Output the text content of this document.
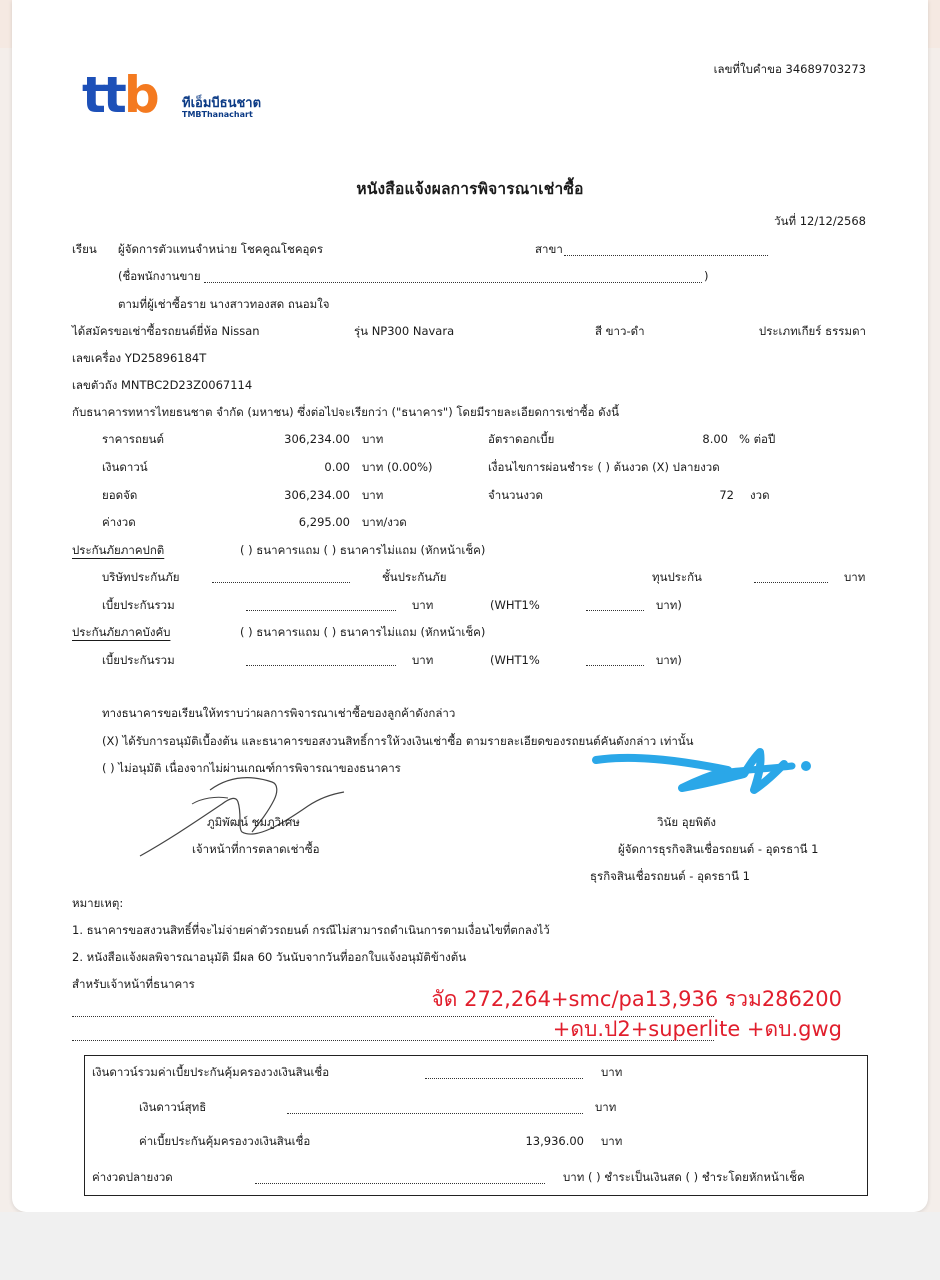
ttb ทีเอ็มบีธนชาต
TMBThanachart
เลขที่ใบคำขอ 34689703273
หนังสือแจ้งผลการพิจารณาเช่าซื้อ
วันที่ 12/12/2568
เรียน ผู้จัดการตัวแทนจำหน่าย โชคคูณโชคอุดร	สาขา
(ชื่อพนักงานขาย	)
ตามที่ผู้เช่าซื้อราย นางสาวทองสด ถนอมใจ
ได้สมัครขอเช่าซื้อรถยนต์ยี่ห้อ Nissan	รุ่น NP300 Navara	สี ขาว-ดำ	ประเภทเกียร์ ธรรมดา
เลขเครื่อง YD25896184T
เลขตัวถัง MNTBC2D23Z0067114
กับธนาคารทหารไทยธนชาต จำกัด (มหาชน) ซึ่งต่อไปจะเรียกว่า ("ธนาคาร") โดยมีรายละเอียดการเช่าซื้อ ดังนี้
ราคารถยนต์	306,234.00 บาท	อัตราดอกเบี้ย	8.00 % ต่อปี
เงินดาวน์	0.00 บาท (0.00%)	เงื่อนไขการผ่อนชำระ ( ) ต้นงวด (X) ปลายงวด
ยอดจัด	306,234.00 บาท	จำนวนงวด	72 งวด
ค่างวด	6,295.00 บาท/งวด
ประกันภัยภาคปกติ	( ) ธนาคารแถม ( ) ธนาคารไม่แถม (หักหน้าเช็ค)
บริษัทประกันภัย	ชั้นประกันภัย	ทุนประกัน	บาท
เบี้ยประกันรวม	บาท	(WHT1%	บาท)
ประกันภัยภาคบังคับ	( ) ธนาคารแถม ( ) ธนาคารไม่แถม (หักหน้าเช็ค)
เบี้ยประกันรวม	บาท	(WHT1%	บาท)
ทางธนาคารขอเรียนให้ทราบว่าผลการพิจารณาเช่าซื้อของลูกค้าดังกล่าว
(X) ได้รับการอนุมัติเบื้องต้น และธนาคารขอสงวนสิทธิ์การให้วงเงินเช่าซื้อ ตามรายละเอียดของรถยนต์คันดังกล่าว เท่านั้น
( ) ไม่อนุมัติ เนื่องจากไม่ผ่านเกณฑ์การพิจารณาของธนาคาร
ภูมิพัฒน์ ชมภูวิเศษ
เจ้าหน้าที่การตลาดเช่าซื้อ
วินัย อุยพิตัง
ผู้จัดการธุรกิจสินเชื่อรถยนต์ - อุดรธานี 1
ธุรกิจสินเชื่อรถยนต์ - อุดรธานี 1
หมายเหตุ:
1. ธนาคารขอสงวนสิทธิ์ที่จะไม่จ่ายค่าตัวรถยนต์ กรณีไม่สามารถดำเนินการตามเงื่อนไขที่ตกลงไว้
2. หนังสือแจ้งผลพิจารณาอนุมัติ มีผล 60 วันนับจากวันที่ออกใบแจ้งอนุมัติข้างต้น
สำหรับเจ้าหน้าที่ธนาคาร
จัด 272,264+smc/pa13,936 รวม286200
+ดบ.ป2+superlite +ดบ.gwg
เงินดาวน์รวมค่าเบี้ยประกันคุ้มครองวงเงินสินเชื่อ	บาท
เงินดาวน์สุทธิ	บาท
ค่าเบี้ยประกันคุ้มครองวงเงินสินเชื่อ	13,936.00 บาท
ค่างวดปลายงวด	บาท ( ) ชำระเป็นเงินสด ( ) ชำระโดยหักหน้าเช็ค
